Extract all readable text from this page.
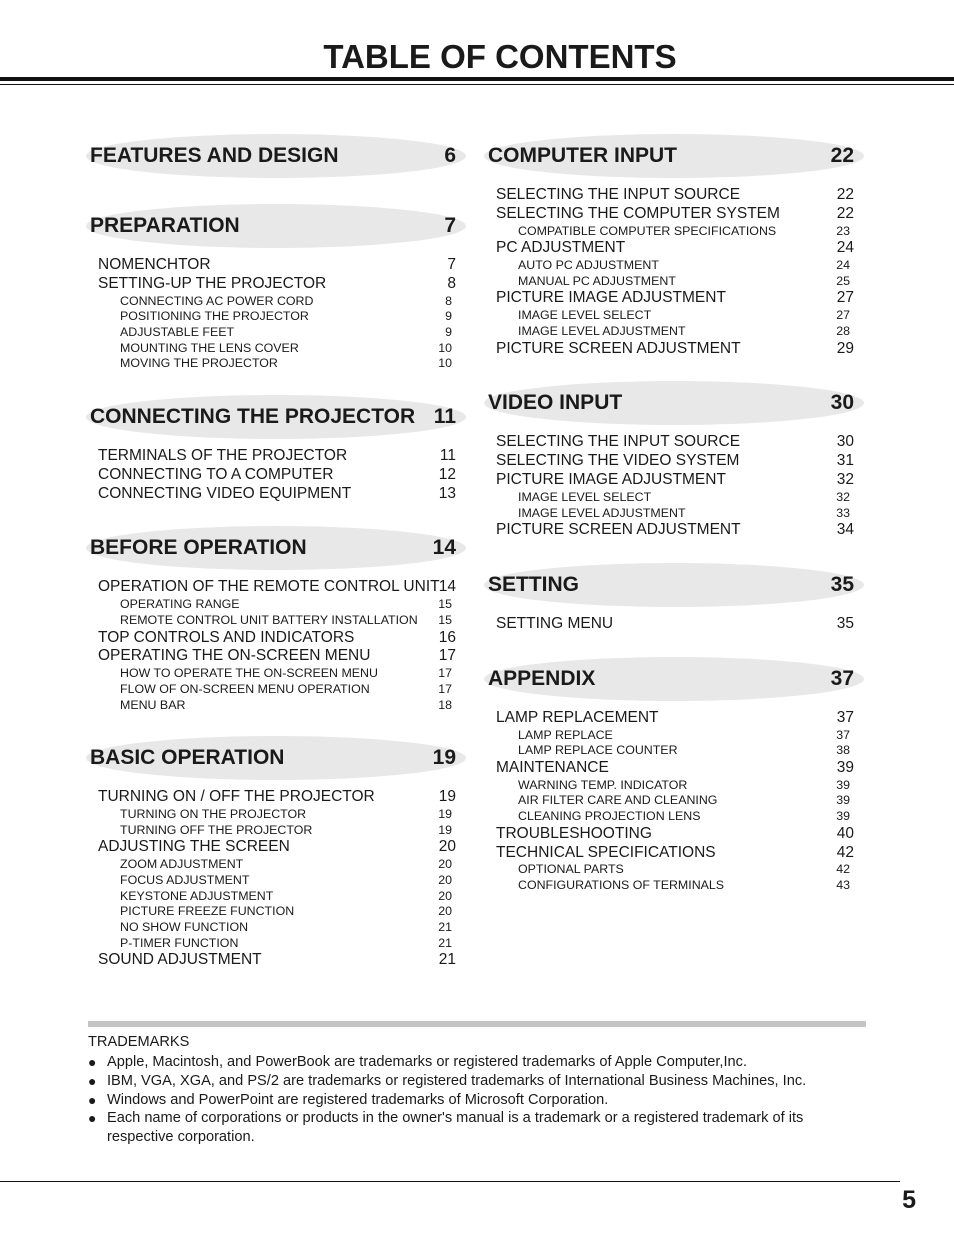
TABLE OF CONTENTS
FEATURES AND DESIGN	6
PREPARATION	7
NOMENCHTOR	7
SETTING-UP THE PROJECTOR	8
CONNECTING AC POWER CORD	8
POSITIONING THE PROJECTOR	9
ADJUSTABLE FEET	9
MOUNTING THE LENS COVER	10
MOVING THE PROJECTOR	10
CONNECTING THE PROJECTOR 11
TERMINALS OF THE PROJECTOR	11
CONNECTING TO A COMPUTER	12
CONNECTING VIDEO EQUIPMENT	13
BEFORE OPERATION	14
OPERATION OF THE REMOTE CONTROL UNIT 14
OPERATING RANGE	15
REMOTE CONTROL UNIT BATTERY INSTALLATION 15
TOP CONTROLS AND INDICATORS	16
OPERATING THE ON-SCREEN MENU	17
HOW TO OPERATE THE ON-SCREEN MENU	17
FLOW OF ON-SCREEN MENU OPERATION	17
MENU BAR	18
BASIC OPERATION	19
TURNING ON / OFF THE PROJECTOR	19
TURNING ON THE PROJECTOR	19
TURNING OFF THE PROJECTOR	19
ADJUSTING THE SCREEN	20
ZOOM ADJUSTMENT	20
FOCUS ADJUSTMENT	20
KEYSTONE ADJUSTMENT	20
PICTURE FREEZE FUNCTION	20
NO SHOW FUNCTION	21
P-TIMER FUNCTION	21
SOUND ADJUSTMENT	21
COMPUTER INPUT	22
SELECTING THE INPUT SOURCE	22
SELECTING THE COMPUTER SYSTEM	22
COMPATIBLE COMPUTER SPECIFICATIONS	23
PC ADJUSTMENT	24
AUTO PC ADJUSTMENT	24
MANUAL PC ADJUSTMENT	25
PICTURE IMAGE ADJUSTMENT	27
IMAGE LEVEL SELECT	27
IMAGE LEVEL ADJUSTMENT	28
PICTURE SCREEN ADJUSTMENT	29
VIDEO INPUT	30
SELECTING THE INPUT SOURCE	30
SELECTING THE VIDEO SYSTEM	31
PICTURE IMAGE ADJUSTMENT	32
IMAGE LEVEL SELECT	32
IMAGE LEVEL ADJUSTMENT	33
PICTURE SCREEN ADJUSTMENT	34
SETTING	35
SETTING MENU	35
APPENDIX	37
LAMP REPLACEMENT	37
LAMP REPLACE	37
LAMP REPLACE COUNTER	38
MAINTENANCE	39
WARNING TEMP. INDICATOR	39
AIR FILTER CARE AND CLEANING	39
CLEANING PROJECTION LENS	39
TROUBLESHOOTING	40
TECHNICAL SPECIFICATIONS	42
OPTIONAL PARTS	42
CONFIGURATIONS OF TERMINALS	43
TRADEMARKS
● Apple, Macintosh, and PowerBook are trademarks or registered trademarks of Apple Computer,Inc.
● IBM, VGA, XGA, and PS/2 are trademarks or registered trademarks of International Business Machines, Inc.
● Windows and PowerPoint are registered trademarks of Microsoft Corporation.
● Each name of corporations or products in the owner's manual is a trademark or a registered trademark of its respective corporation.
5
